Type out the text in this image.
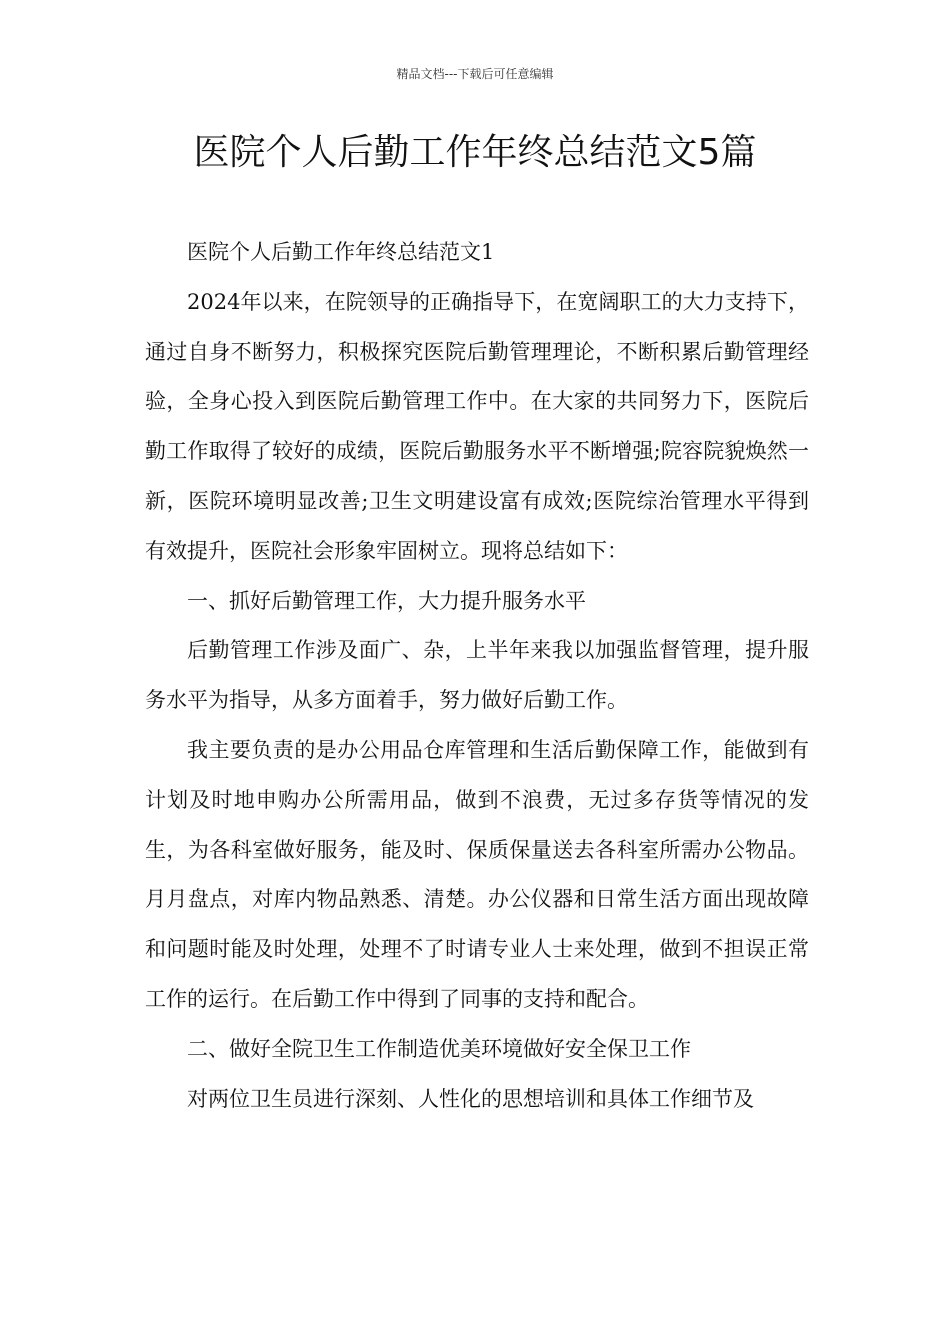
精品文档---下载后可任意编辑
医院个人后勤工作年终总结范文5篇

医院个人后勤工作年终总结范文1

2024年以来，在院领导的正确指导下，在宽阔职工的大力支持下，通过自身不断努力，积极探究医院后勤管理理论，不断积累后勤管理经验，全身心投入到医院后勤管理工作中。在大家的共同努力下，医院后勤工作取得了较好的成绩，医院后勤服务水平不断增强;院容院貌焕然一新，医院环境明显改善;卫生文明建设富有成效;医院综治管理水平得到有效提升，医院社会形象牢固树立。现将总结如下：

一、抓好后勤管理工作，大力提升服务水平

后勤管理工作涉及面广、杂，上半年来我以加强监督管理，提升服务水平为指导，从多方面着手，努力做好后勤工作。

我主要负责的是办公用品仓库管理和生活后勤保障工作，能做到有计划及时地申购办公所需用品，做到不浪费，无过多存货等情况的发生，为各科室做好服务，能及时、保质保量送去各科室所需办公物品。月月盘点，对库内物品熟悉、清楚。办公仪器和日常生活方面出现故障和问题时能及时处理，处理不了时请专业人士来处理，做到不担误正常工作的运行。在后勤工作中得到了同事的支持和配合。

二、做好全院卫生工作制造优美环境做好安全保卫工作

对两位卫生员进行深刻、人性化的思想培训和具体工作细节及
